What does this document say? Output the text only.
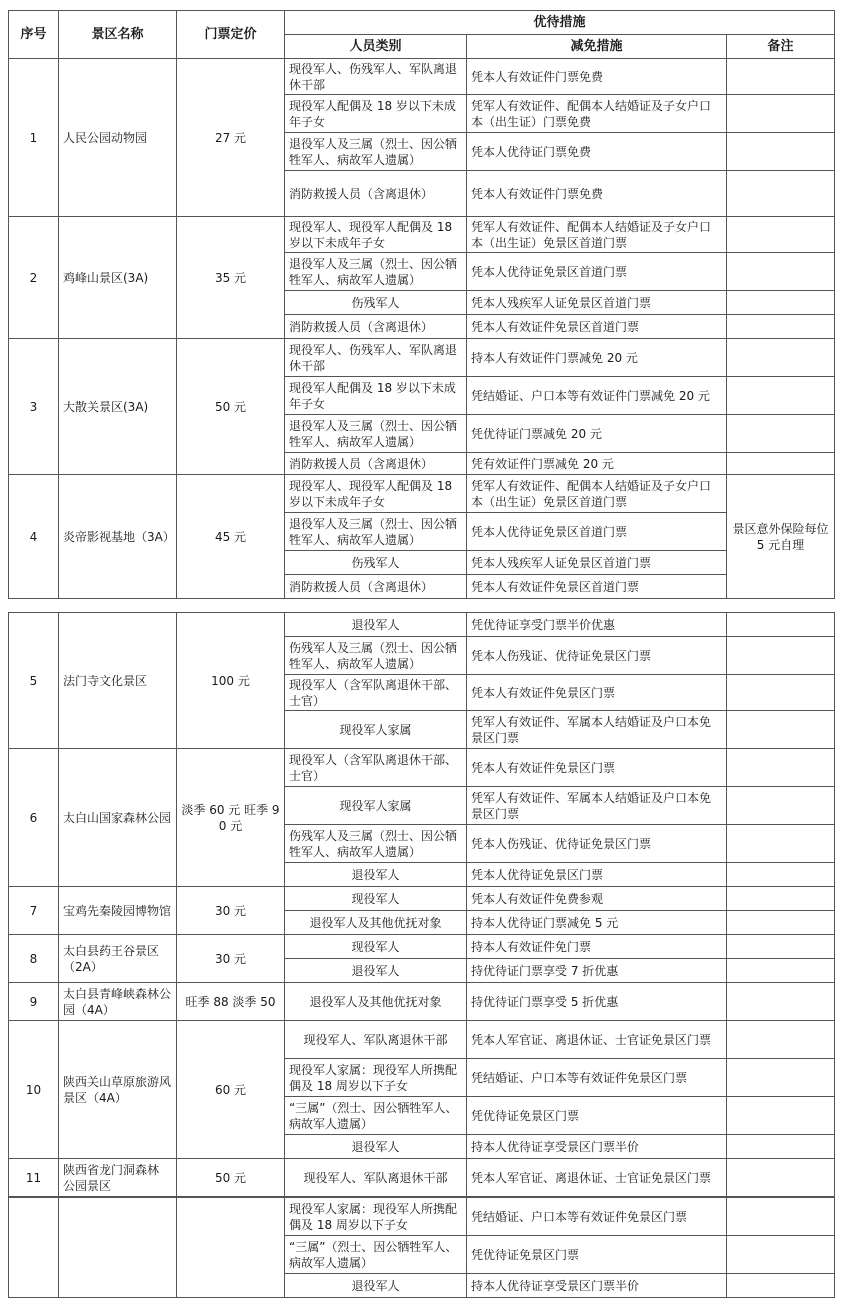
序号	景区名称	门票定价	优待措施		
			人员类别	减免措施	备注
1	人民公园动物园	27 元	现役军人、伤残军人、军队离退休干部	凭本人有效证件门票免费	
			现役军人配偶及 18 岁以下未成年子女	凭军人有效证件、配偶本人结婚证及子女户口本（出生证）门票免费	
			退役军人及三属（烈士、因公牺牲军人、病故军人遗属）	凭本人优待证门票免费	
			消防救援人员（含离退休）	凭本人有效证件门票免费	
2	鸡峰山景区(3A)	35 元	现役军人、现役军人配偶及 18 岁以下未成年子女	凭军人有效证件、配偶本人结婚证及子女户口本（出生证）免景区首道门票	
			退役军人及三属（烈士、因公牺牲军人、病故军人遗属）	凭本人优待证免景区首道门票	
			伤残军人	凭本人残疾军人证免景区首道门票	
			消防救援人员（含离退休）	凭本人有效证件免景区首道门票	
3	大散关景区(3A)	50 元	现役军人、伤残军人、军队离退休干部	持本人有效证件门票减免 20 元	
			现役军人配偶及 18 岁以下未成年子女	凭结婚证、户口本等有效证件门票减免 20 元	
			退役军人及三属（烈士、因公牺牲军人、病故军人遗属）	凭优待证门票减免 20 元	
			消防救援人员（含离退休）	凭有效证件门票减免 20 元	
4	炎帝影视基地（3A）	45 元	现役军人、现役军人配偶及 18 岁以下未成年子女	凭军人有效证件、配偶本人结婚证及子女户口本（出生证）免景区首道门票	景区意外保险每位 5 元自理
			退役军人及三属（烈士、因公牺牲军人、病故军人遗属）	凭本人优待证免景区首道门票	
			伤残军人	凭本人残疾军人证免景区首道门票	
			消防救援人员（含离退休）	凭本人有效证件免景区首道门票	
5	法门寺文化景区	100 元	退役军人	凭优待证享受门票半价优惠	
			伤残军人及三属（烈士、因公牺牲军人、病故军人遗属）	凭本人伤残证、优待证免景区门票	
			现役军人（含军队离退休干部、士官）	凭本人有效证件免景区门票	
			现役军人家属	凭军人有效证件、军属本人结婚证及户口本免景区门票	
6	太白山国家森林公园	淡季 60 元 旺季 90 元	现役军人（含军队离退休干部、士官）	凭本人有效证件免景区门票	
			现役军人家属	凭军人有效证件、军属本人结婚证及户口本免景区门票	
			伤残军人及三属（烈士、因公牺牲军人、病故军人遗属）	凭本人伤残证、优待证免景区门票	
			退役军人	凭本人优待证免景区门票	
7	宝鸡先秦陵园博物馆	30 元	现役军人	凭本人有效证件免费参观	
			退役军人及其他优抚对象	持本人优待证门票减免 5 元	
8	太白县药王谷景区（2A）	30 元	现役军人	持本人有效证件免门票	
			退役军人	持优待证门票享受 7 折优惠	
9	太白县青峰峡森林公园（4A）	旺季 88 淡季 50	退役军人及其他优抚对象	持优待证门票享受 5 折优惠	
10	陕西关山草原旅游风景区（4A）	60 元	现役军人、军队离退休干部	凭本人军官证、离退休证、士官证免景区门票	
			现役军人家属：现役军人所携配偶及 18 周岁以下子女	凭结婚证、户口本等有效证件免景区门票	
			“三属”（烈士、因公牺牲军人、病故军人遗属）	凭优待证免景区门票	
			退役军人	持本人优待证享受景区门票半价	
11	陕西省龙门洞森林　公园景区	50 元	现役军人、军队离退休干部	凭本人军官证、离退休证、士官证免景区门票	
			现役军人家属：现役军人所携配偶及 18 周岁以下子女	凭结婚证、户口本等有效证件免景区门票	
			“三属”（烈士、因公牺牲军人、病故军人遗属）	凭优待证免景区门票	
			退役军人	持本人优待证享受景区门票半价	
